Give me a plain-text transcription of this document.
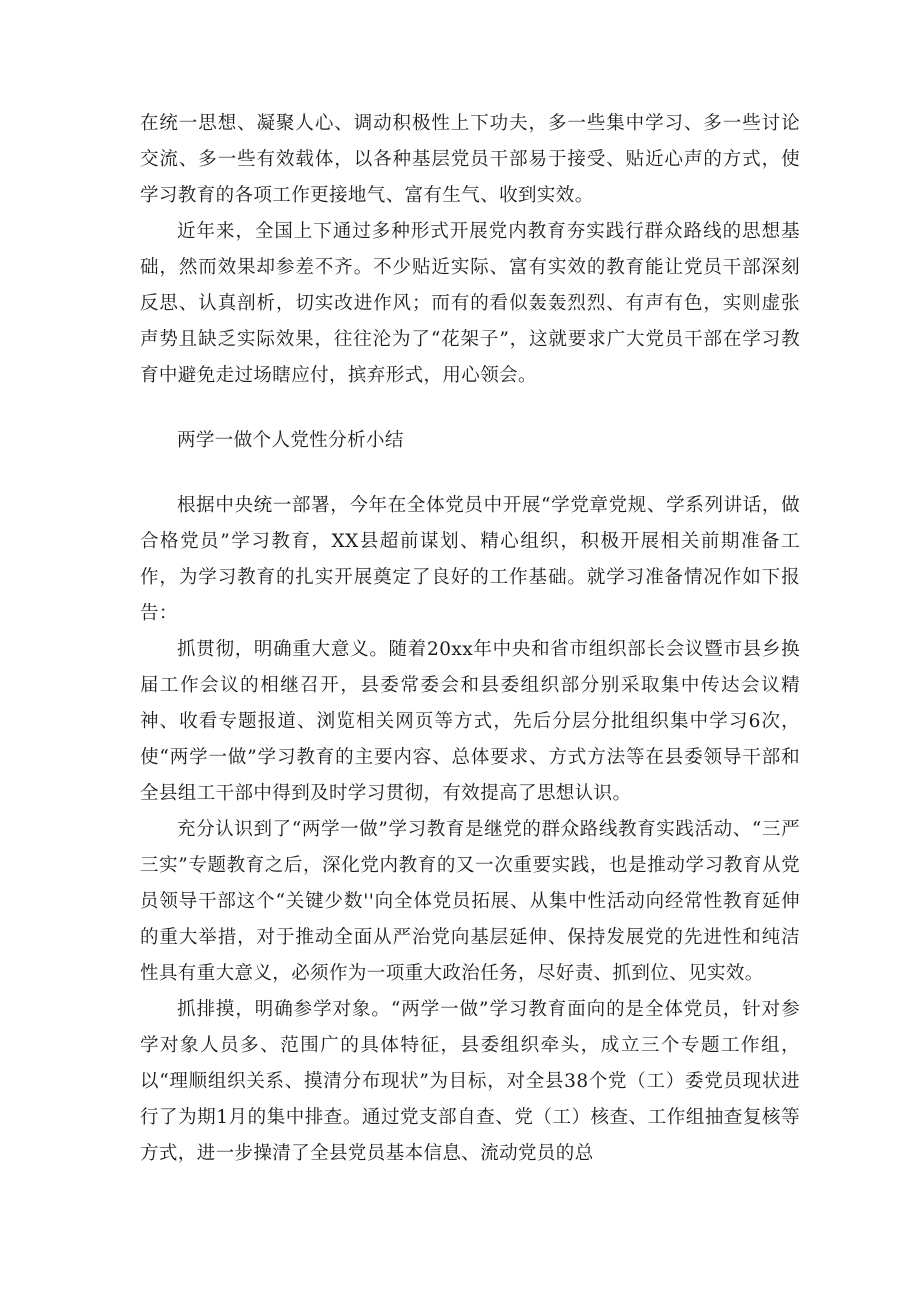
在统一思想、凝聚人心、调动积极性上下功夫，多一些集中学习、多一些讨论交流、多一些有效载体，以各种基层党员干部易于接受、贴近心声的方式，使学习教育的各项工作更接地气、富有生气、收到实效。

近年来，全国上下通过多种形式开展党内教育夯实践行群众路线的思想基础，然而效果却参差不齐。不少贴近实际、富有实效的教育能让党员干部深刻反思、认真剖析，切实改进作风；而有的看似轰轰烈烈、有声有色，实则虚张声势且缺乏实际效果，往往沦为了“花架子”，这就要求广大党员干部在学习教育中避免走过场瞎应付，摈弃形式，用心领会。

两学一做个人党性分析小结

根据中央统一部署，今年在全体党员中开展“学党章党规、学系列讲话，做合格党员”学习教育，XX县超前谋划、精心组织，积极开展相关前期准备工作，为学习教育的扎实开展奠定了良好的工作基础。就学习准备情况作如下报告：

抓贯彻，明确重大意义。随着20xx年中央和省市组织部长会议暨市县乡换届工作会议的相继召开，县委常委会和县委组织部分别采取集中传达会议精神、收看专题报道、浏览相关网页等方式，先后分层分批组织集中学习6次，使“两学一做”学习教育的主要内容、总体要求、方式方法等在县委领导干部和全县组工干部中得到及时学习贯彻，有效提高了思想认识。

充分认识到了“两学一做”学习教育是继党的群众路线教育实践活动、“三严三实”专题教育之后，深化党内教育的又一次重要实践，也是推动学习教育从党员领导干部这个“关键少数''向全体党员拓展、从集中性活动向经常性教育延伸的重大举措，对于推动全面从严治党向基层延伸、保持发展党的先进性和纯洁性具有重大意义，必须作为一项重大政治任务，尽好责、抓到位、见实效。

抓排摸，明确参学对象。“两学一做”学习教育面向的是全体党员，针对参学对象人员多、范围广的具体特征，县委组织牵头，成立三个专题工作组，以“理顺组织关系、摸清分布现状”为目标，对全县38个党（工）委党员现状进行了为期1月的集中排查。通过党支部自查、党（工）核查、工作组抽查复核等方式，进一步操清了全县党员基本信息、流动党员的总
